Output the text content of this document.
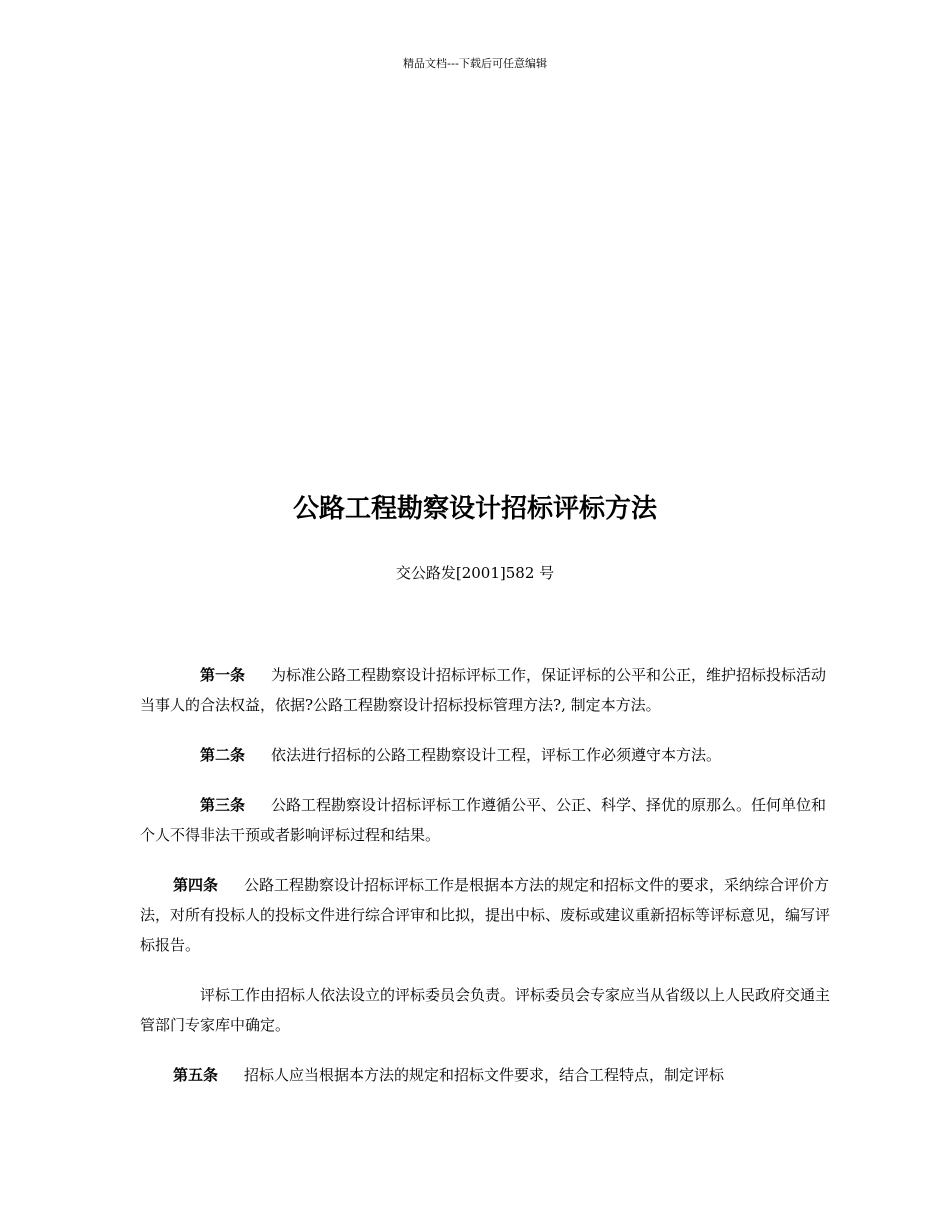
精品文档---下载后可任意编辑
公路工程勘察设计招标评标方法
交公路发[2001]582 号

第一条 为标准公路工程勘察设计招标评标工作，保证评标的公平和公正，维护招标投标活动当事人的合法权益，依据?公路工程勘察设计招标投标管理方法?, 制定本方法。

第二条 依法进行招标的公路工程勘察设计工程，评标工作必须遵守本方法。

第三条 公路工程勘察设计招标评标工作遵循公平、公正、科学、择优的原那么。任何单位和个人不得非法干预或者影响评标过程和结果。

第四条 公路工程勘察设计招标评标工作是根据本方法的规定和招标文件的要求，采纳综合评价方法，对所有投标人的投标文件进行综合评审和比拟，提出中标、废标或建议重新招标等评标意见，编写评标报告。

评标工作由招标人依法设立的评标委员会负责。评标委员会专家应当从省级以上人民政府交通主管部门专家库中确定。

第五条 招标人应当根据本方法的规定和招标文件要求，结合工程特点，制定评标
